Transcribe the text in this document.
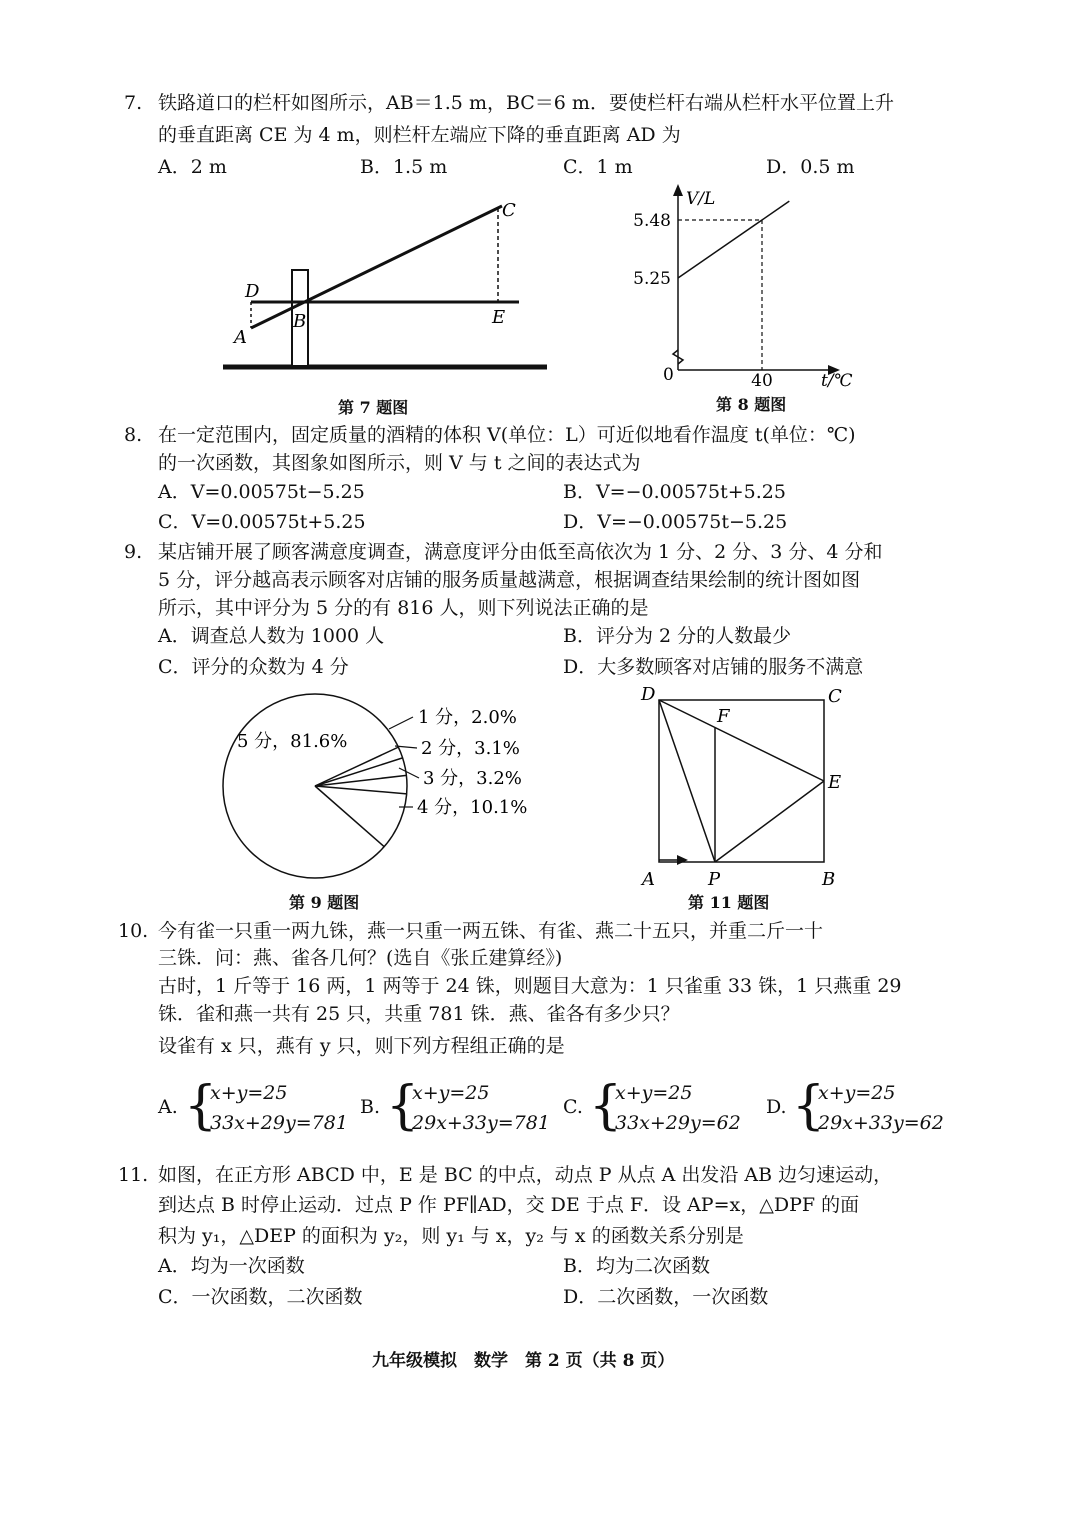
7. 铁路道口的栏杆如图所示，AB＝1.5 m，BC＝6 m．要使栏杆右端从栏杆水平位置上升
的垂直距离 CE 为 4 m，则栏杆左端应下降的垂直距离 AD 为
A．2 m	B．1.5 m	C．1 m	D．0.5 m
D
A
B
C
E
第 7 题图
V/L
t/℃
0	40
5.48
5.25
第 8 题图
8. 在一定范围内，固定质量的酒精的体积 V(单位：L）可近似地看作温度 t(单位：℃)
的一次函数，其图象如图所示，则 V 与 t 之间的表达式为
A．V=0.00575t−5.25	B．V=−0.00575t+5.25
C．V=0.00575t+5.25	D．V=−0.00575t−5.25
9. 某店铺开展了顾客满意度调查，满意度评分由低至高依次为 1 分、2 分、3 分、4 分和
5 分，评分越高表示顾客对店铺的服务质量越满意，根据调查结果绘制的统计图如图
所示，其中评分为 5 分的有 816 人，则下列说法正确的是
A．调查总人数为 1000 人	B．评分为 2 分的人数最少
C．评分的众数为 4 分	D．大多数顾客对店铺的服务不满意
5 分，81.6%
1 分，2.0%
2 分，3.1%
3 分，3.2%
4 分，10.1%
第 9 题图
D	C
F
E
A	P	B
第 11 题图
10. 今有雀一只重一两九铢，燕一只重一两五铢、有雀、燕二十五只，并重二斤一十
三铢．问：燕、雀各几何？(选自《张丘建算经》)
古时，1 斤等于 16 两，1 两等于 24 铢，则题目大意为：1 只雀重 33 铢，1 只燕重 29
铢．雀和燕一共有 25 只，共重 781 铢．燕、雀各有多少只？
设雀有 x 只，燕有 y 只，则下列方程组正确的是
A. {
x+y=25
33x+29y=781
B. {
x+y=25
29x+33y=781
C. {
x+y=25
33x+29y=62
D. {
x+y=25
29x+33y=62
11. 如图，在正方形 ABCD 中，E 是 BC 的中点，动点 P 从点 A 出发沿 AB 边匀速运动，
到达点 B 时停止运动．过点 P 作 PF∥AD，交 DE 于点 F．设 AP=x，△DPF 的面
积为 y₁，△DEP 的面积为 y₂，则 y₁ 与 x，y₂ 与 x 的函数关系分别是
A．均为一次函数	B．均为二次函数
C．一次函数，二次函数	D．二次函数，一次函数
九年级模拟　数学　第 2 页（共 8 页）
